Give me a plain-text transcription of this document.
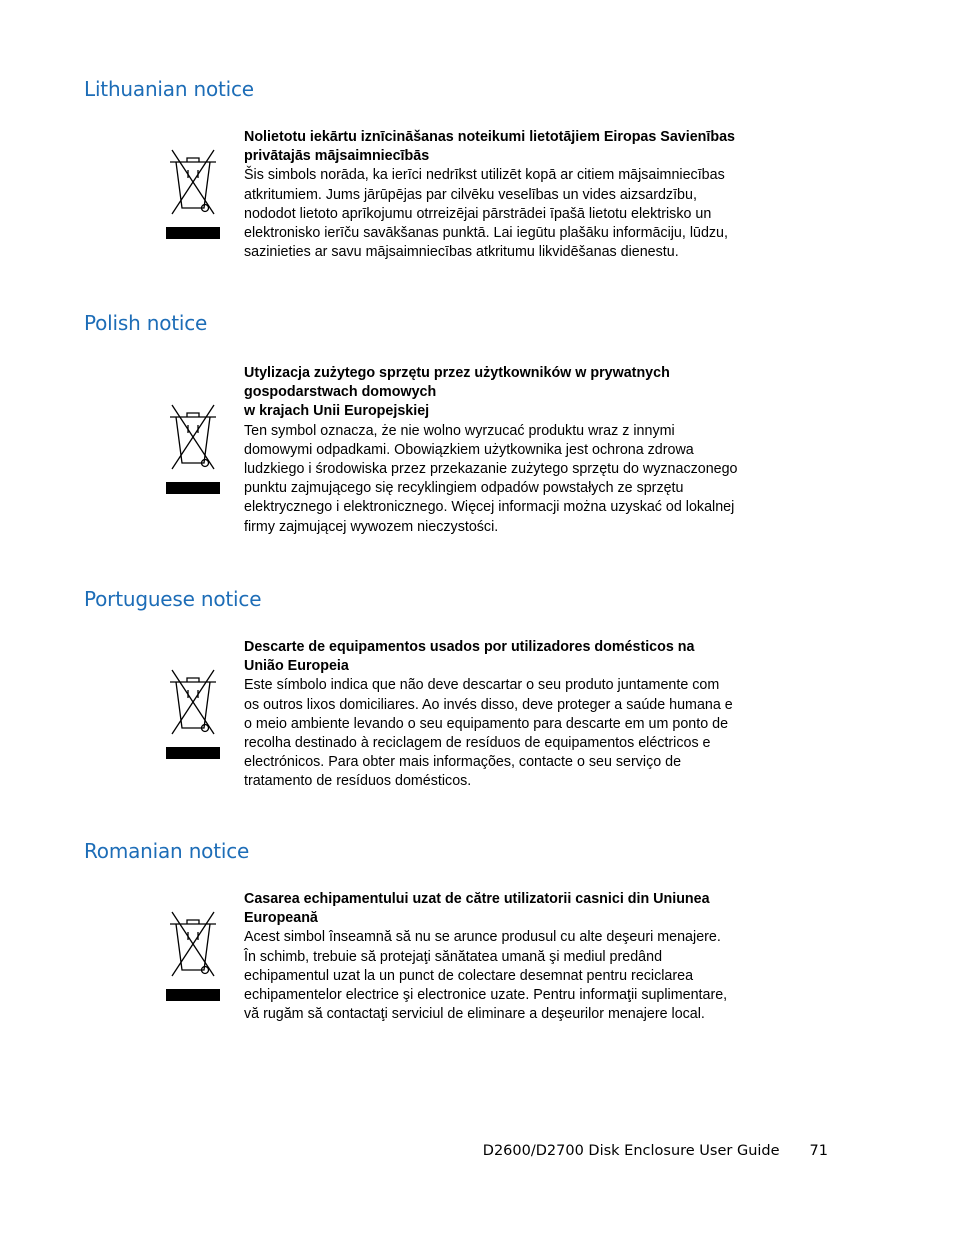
Lithuanian notice
Nolietotu iekārtu iznīcināšanas noteikumi lietotājiem Eiropas Savienības
privātajās mājsaimniecībās
Šis simbols norāda, ka ierīci nedrīkst utilizēt kopā ar citiem mājsaimniecības
atkritumiem. Jums jārūpējas par cilvēku veselības un vides aizsardzību,
nododot lietoto aprīkojumu otrreizējai pārstrādei īpašā lietotu elektrisko un
elektronisko ierīču savākšanas punktā. Lai iegūtu plašāku informāciju, lūdzu,
sazinieties ar savu mājsaimniecības atkritumu likvidēšanas dienestu.
Polish notice
Utylizacja zużytego sprzętu przez użytkowników w prywatnych
gospodarstwach domowych
w krajach Unii Europejskiej
Ten symbol oznacza, że nie wolno wyrzucać produktu wraz z innymi
domowymi odpadkami. Obowiązkiem użytkownika jest ochrona zdrowa
ludzkiego i środowiska przez przekazanie zużytego sprzętu do wyznaczonego
punktu zajmującego się recyklingiem odpadów powstałych ze sprzętu
elektrycznego i elektronicznego. Więcej informacji można uzyskać od lokalnej
firmy zajmującej wywozem nieczystości.
Portuguese notice
Descarte de equipamentos usados por utilizadores domésticos na
União Europeia
Este símbolo indica que não deve descartar o seu produto juntamente com
os outros lixos domiciliares. Ao invés disso, deve proteger a saúde humana e
o meio ambiente levando o seu equipamento para descarte em um ponto de
recolha destinado à reciclagem de resíduos de equipamentos eléctricos e
electrónicos. Para obter mais informações, contacte o seu serviço de
tratamento de resíduos domésticos.
Romanian notice
Casarea echipamentului uzat de către utilizatorii casnici din Uniunea
Europeană
Acest simbol înseamnă să nu se arunce produsul cu alte deşeuri menajere.
În schimb, trebuie să protejaţi sănătatea umană şi mediul predând
echipamentul uzat la un punct de colectare desemnat pentru reciclarea
echipamentelor electrice şi electronice uzate. Pentru informaţii suplimentare,
vă rugăm să contactaţi serviciul de eliminare a deşeurilor menajere local.
D2600/D2700 Disk Enclosure User Guide 71
